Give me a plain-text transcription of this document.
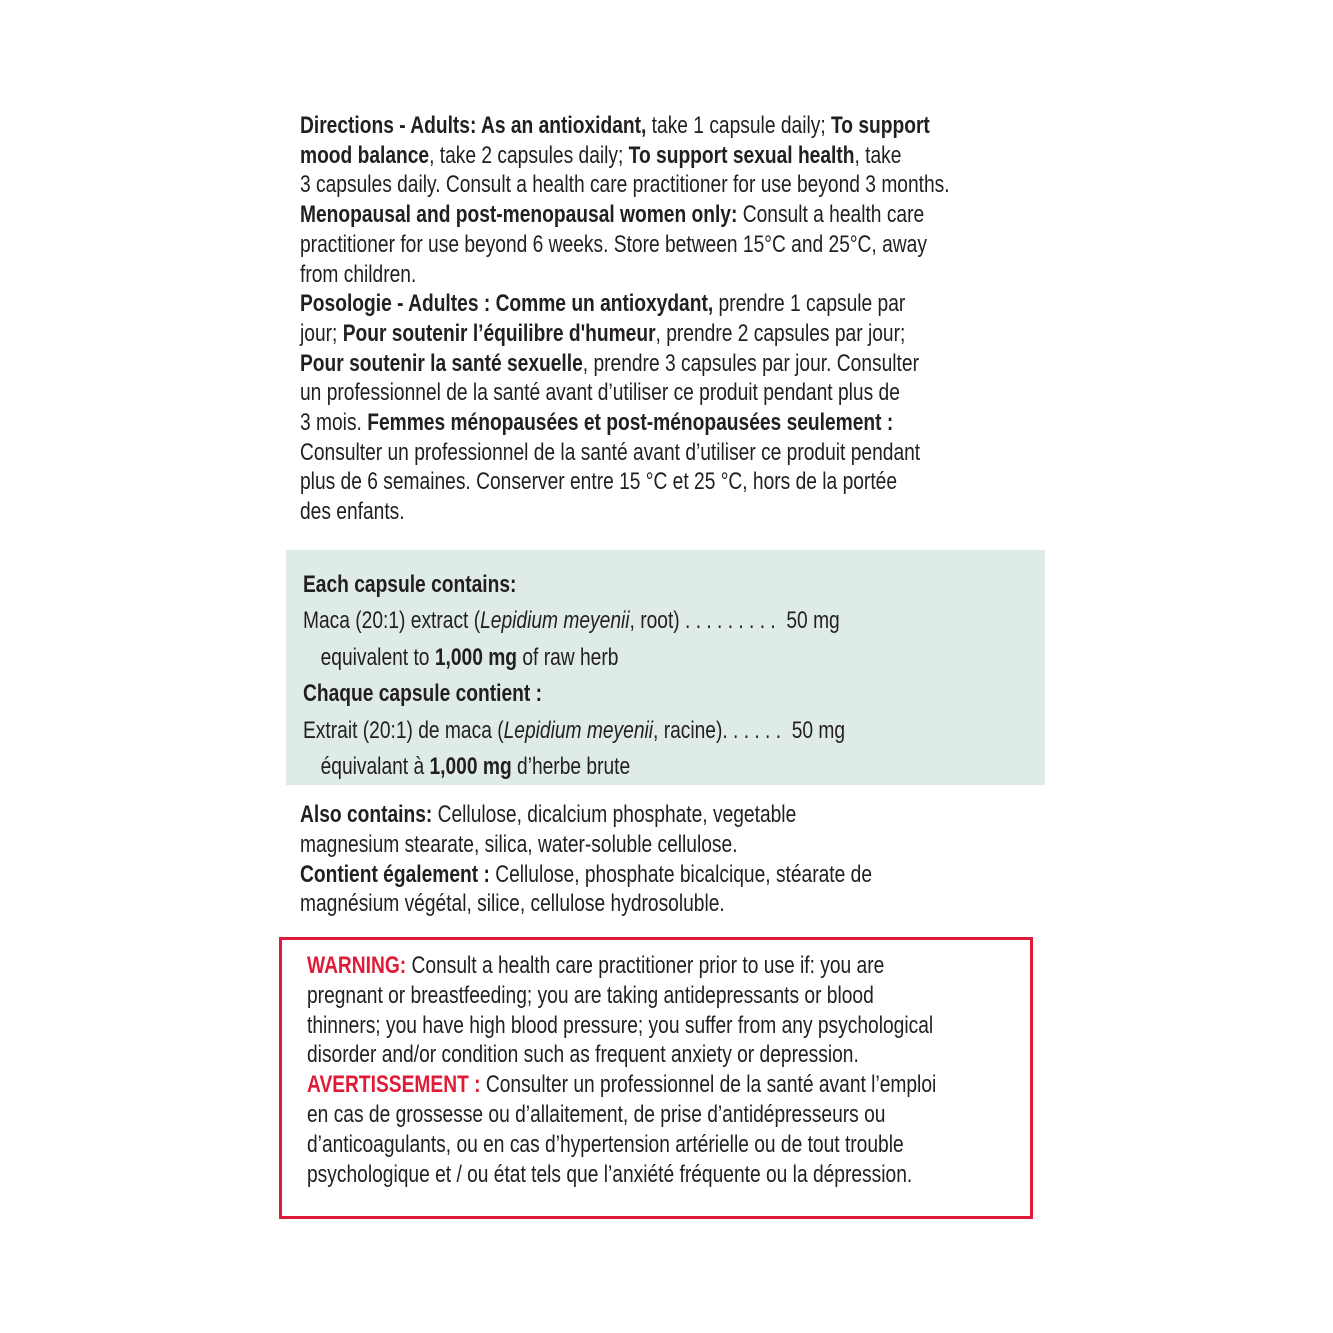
Directions - Adults: As an antioxidant, take 1 capsule daily; To support
mood balance, take 2 capsules daily; To support sexual health, take
3 capsules daily. Consult a health care practitioner for use beyond 3 months.
Menopausal and post-menopausal women only: Consult a health care
practitioner for use beyond 6 weeks. Store between 15°C and 25°C, away
from children.
Posologie - Adultes : Comme un antioxydant, prendre 1 capsule par
jour; Pour soutenir l’équilibre d'humeur, prendre 2 capsules par jour;
Pour soutenir la santé sexuelle, prendre 3 capsules par jour. Consulter
un professionnel de la santé avant d’utiliser ce produit pendant plus de
3 mois. Femmes ménopausées et post-ménopausées seulement :
Consulter un professionnel de la santé avant d’utiliser ce produit pendant
plus de 6 semaines. Conserver entre 15 °C et 25 °C, hors de la portée
des enfants.
Each capsule contains:
Maca (20:1) extract (Lepidium meyenii, root) . . . . . . . . .  50 mg
equivalent to 1,000 mg of raw herb
Chaque capsule contient :
Extrait (20:1) de maca (Lepidium meyenii, racine). . . . . .  50 mg
équivalant à 1,000 mg d’herbe brute
Also contains: Cellulose, dicalcium phosphate, vegetable
magnesium stearate, silica, water-soluble cellulose.
Contient également : Cellulose, phosphate bicalcique, stéarate de
magnésium végétal, silice, cellulose hydrosoluble.
WARNING: Consult a health care practitioner prior to use if: you are
pregnant or breastfeeding; you are taking antidepressants or blood
thinners; you have high blood pressure; you suffer from any psychological
disorder and/or condition such as frequent anxiety or depression.
AVERTISSEMENT : Consulter un professionnel de la santé avant l’emploi
en cas de grossesse ou d’allaitement, de prise d’antidépresseurs ou
d’anticoagulants, ou en cas d’hypertension artérielle ou de tout trouble
psychologique et / ou état tels que l’anxiété fréquente ou la dépression.
